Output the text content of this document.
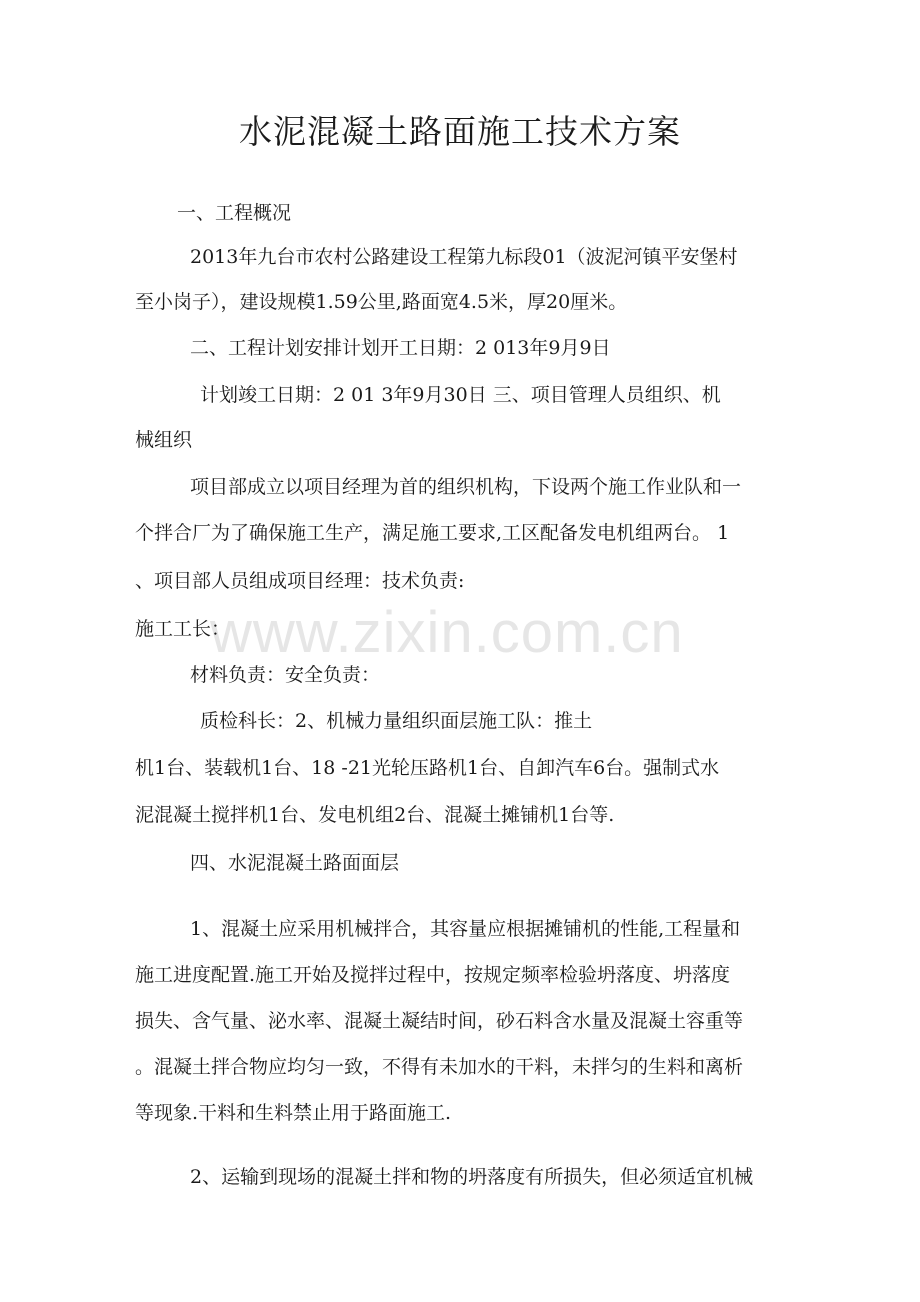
www.zixin.com.cn
水泥混凝土路面施工技术方案

一、工程概况

2013年九台市农村公路建设工程第九标段01（波泥河镇平安堡村

至小岗子），建设规模1.59公里,路面宽4.5米，厚20厘米。

二、工程计划安排计划开工日期：2 013年9月9日

计划竣工日期：2 01 3年9月30日 三、项目管理人员组织、机

械组织

项目部成立以项目经理为首的组织机构，下设两个施工作业队和一

个拌合厂为了确保施工生产，满足施工要求,工区配备发电机组两台。 1

、项目部人员组成项目经理：技术负责:

施工工长：

材料负责：安全负责：

质检科长：2、机械力量组织面层施工队：推土

机1台、装载机1台、18 -21光轮压路机1台、自卸汽车6台。强制式水

泥混凝土搅拌机1台、发电机组2台、混凝土摊铺机1台等.

四、水泥混凝土路面面层

1、混凝土应采用机械拌合，其容量应根据摊铺机的性能,工程量和

施工进度配置.施工开始及搅拌过程中，按规定频率检验坍落度、坍落度

损失、含气量、泌水率、混凝土凝结时间，砂石料含水量及混凝土容重等

。混凝土拌合物应均匀一致，不得有未加水的干料，未拌匀的生料和离析

等现象.干料和生料禁止用于路面施工.

2、运输到现场的混凝土拌和物的坍落度有所损失，但必须适宜机械
